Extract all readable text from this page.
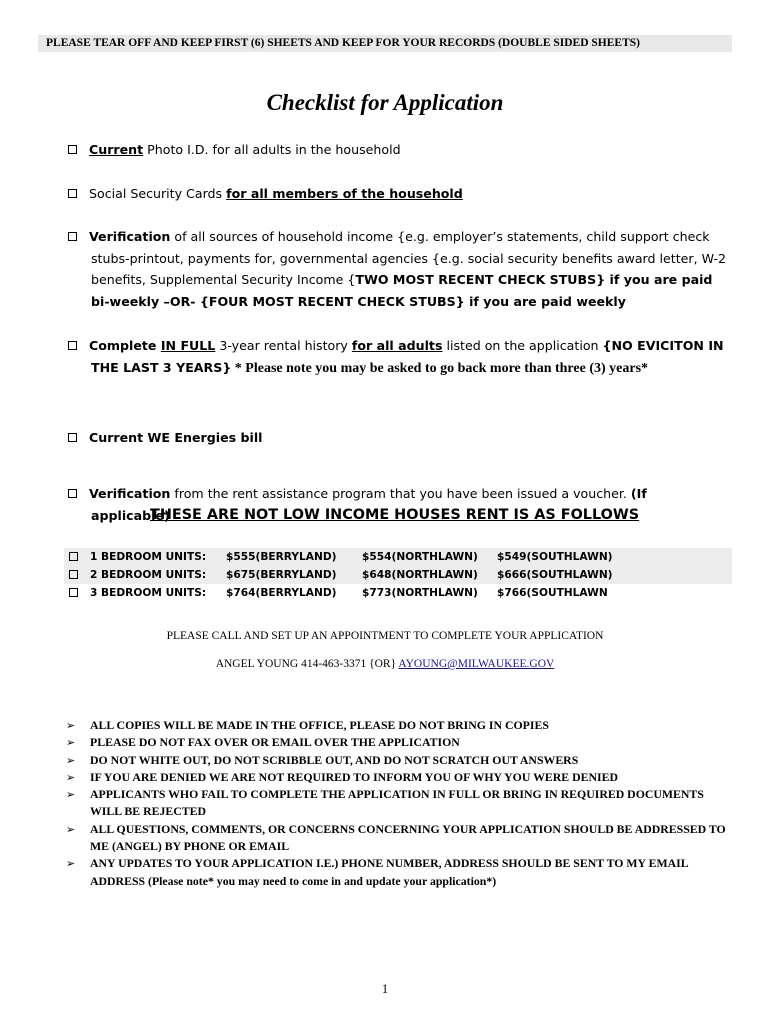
PLEASE TEAR OFF AND KEEP FIRST (6) SHEETS AND KEEP FOR YOUR RECORDS (DOUBLE SIDED SHEETS)
Checklist for Application
Current Photo I.D. for all adults in the household
Social Security Cards for all members of the household
Verification of all sources of household income {e.g. employer’s statements, child support check stubs-printout, payments for, governmental agencies {e.g. social security benefits award letter, W-2 benefits, Supplemental Security Income {TWO MOST RECENT CHECK STUBS} if you are paid bi-weekly –OR- {FOUR MOST RECENT CHECK STUBS} if you are paid weekly
Complete IN FULL 3-year rental history for all adults listed on the application {NO EVICITON IN THE LAST 3 YEARS} * Please note you may be asked to go back more than three (3) years*
Current WE Energies bill
Verification from the rent assistance program that you have been issued a voucher. (If applicable)
THESE ARE NOT LOW INCOME HOUSES RENT IS AS FOLLOWS
1 BEDROOM UNITS: $555(BERRYLAND) $554(NORTHLAWN) $549(SOUTHLAWN)
2 BEDROOM UNITS: $675(BERRYLAND) $648(NORTHLAWN) $666(SOUTHLAWN)
3 BEDROOM UNITS: $764(BERRYLAND) $773(NORTHLAWN) $766(SOUTHLAWN
PLEASE CALL AND SET UP AN APPOINTMENT TO COMPLETE YOUR APPLICATION
ANGEL YOUNG 414-463-3371 {OR} AYOUNG@MILWAUKEE.GOV
➢ ALL COPIES WILL BE MADE IN THE OFFICE, PLEASE DO NOT BRING IN COPIES
➢ PLEASE DO NOT FAX OVER OR EMAIL OVER THE APPLICATION
➢ DO NOT WHITE OUT, DO NOT SCRIBBLE OUT, AND DO NOT SCRATCH OUT ANSWERS
➢ IF YOU ARE DENIED WE ARE NOT REQUIRED TO INFORM YOU OF WHY YOU WERE DENIED
➢ APPLICANTS WHO FAIL TO COMPLETE THE APPLICATION IN FULL OR BRING IN REQUIRED DOCUMENTS WILL BE REJECTED
➢ ALL QUESTIONS, COMMENTS, OR CONCERNS CONCERNING YOUR APPLICATION SHOULD BE ADDRESSED TO ME (ANGEL) BY PHONE OR EMAIL
➢ ANY UPDATES TO YOUR APPLICATION I.E.) PHONE NUMBER, ADDRESS SHOULD BE SENT TO MY EMAIL ADDRESS (Please note* you may need to come in and update your application*)
1
